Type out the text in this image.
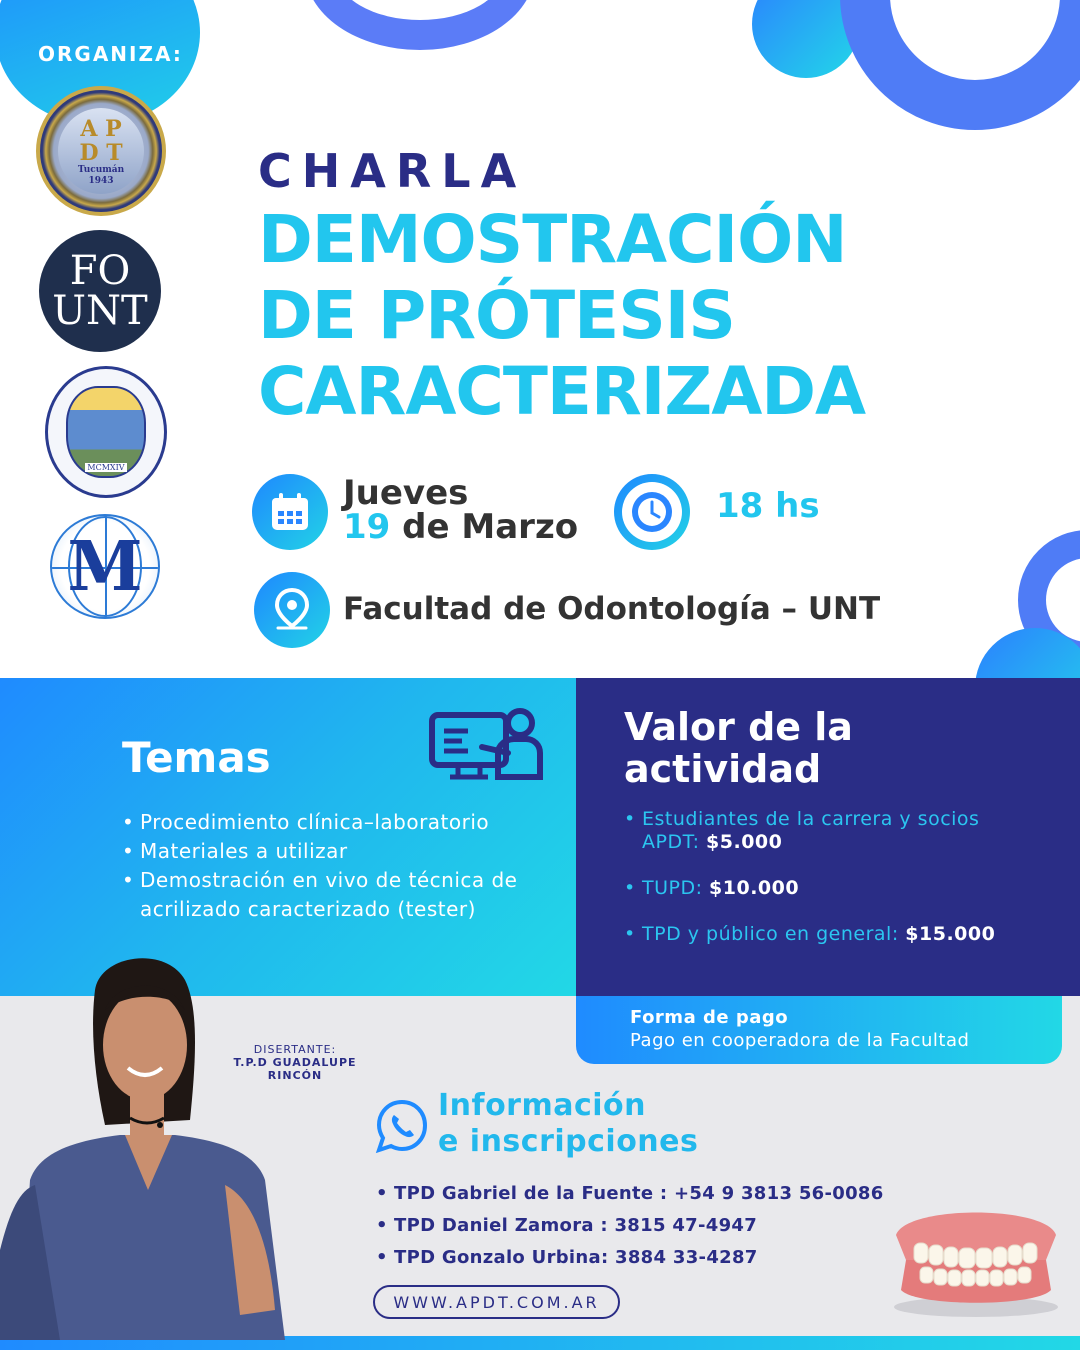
ORGANIZA:
A P
D T
Tucumán
1943
FO
UNT
MCMXIV
M
CHARLA
DEMOSTRACIÓN
DE PRÓTESIS
CARACTERIZADA
Jueves
19 de Marzo
18 hs
Facultad de Odontología – UNT
Temas
• Procedimiento clínica–laboratorio
• Materiales a utilizar
• Demostración en vivo de técnica de acrilizado caracterizado (tester)
Valor de la
actividad
• Estudiantes de la carrera y socios APDT: $5.000
• TUPD: $10.000
• TPD y público en general: $15.000
Forma de pago
Pago en cooperadora de la Facultad
DISERTANTE:
T.P.D GUADALUPE
RINCÓN
Información
e inscripciones
• TPD Gabriel de la Fuente : +54 9 3813 56-0086
• TPD Daniel Zamora : 3815 47-4947
• TPD Gonzalo Urbina: 3884 33-4287
WWW.APDT.COM.AR
